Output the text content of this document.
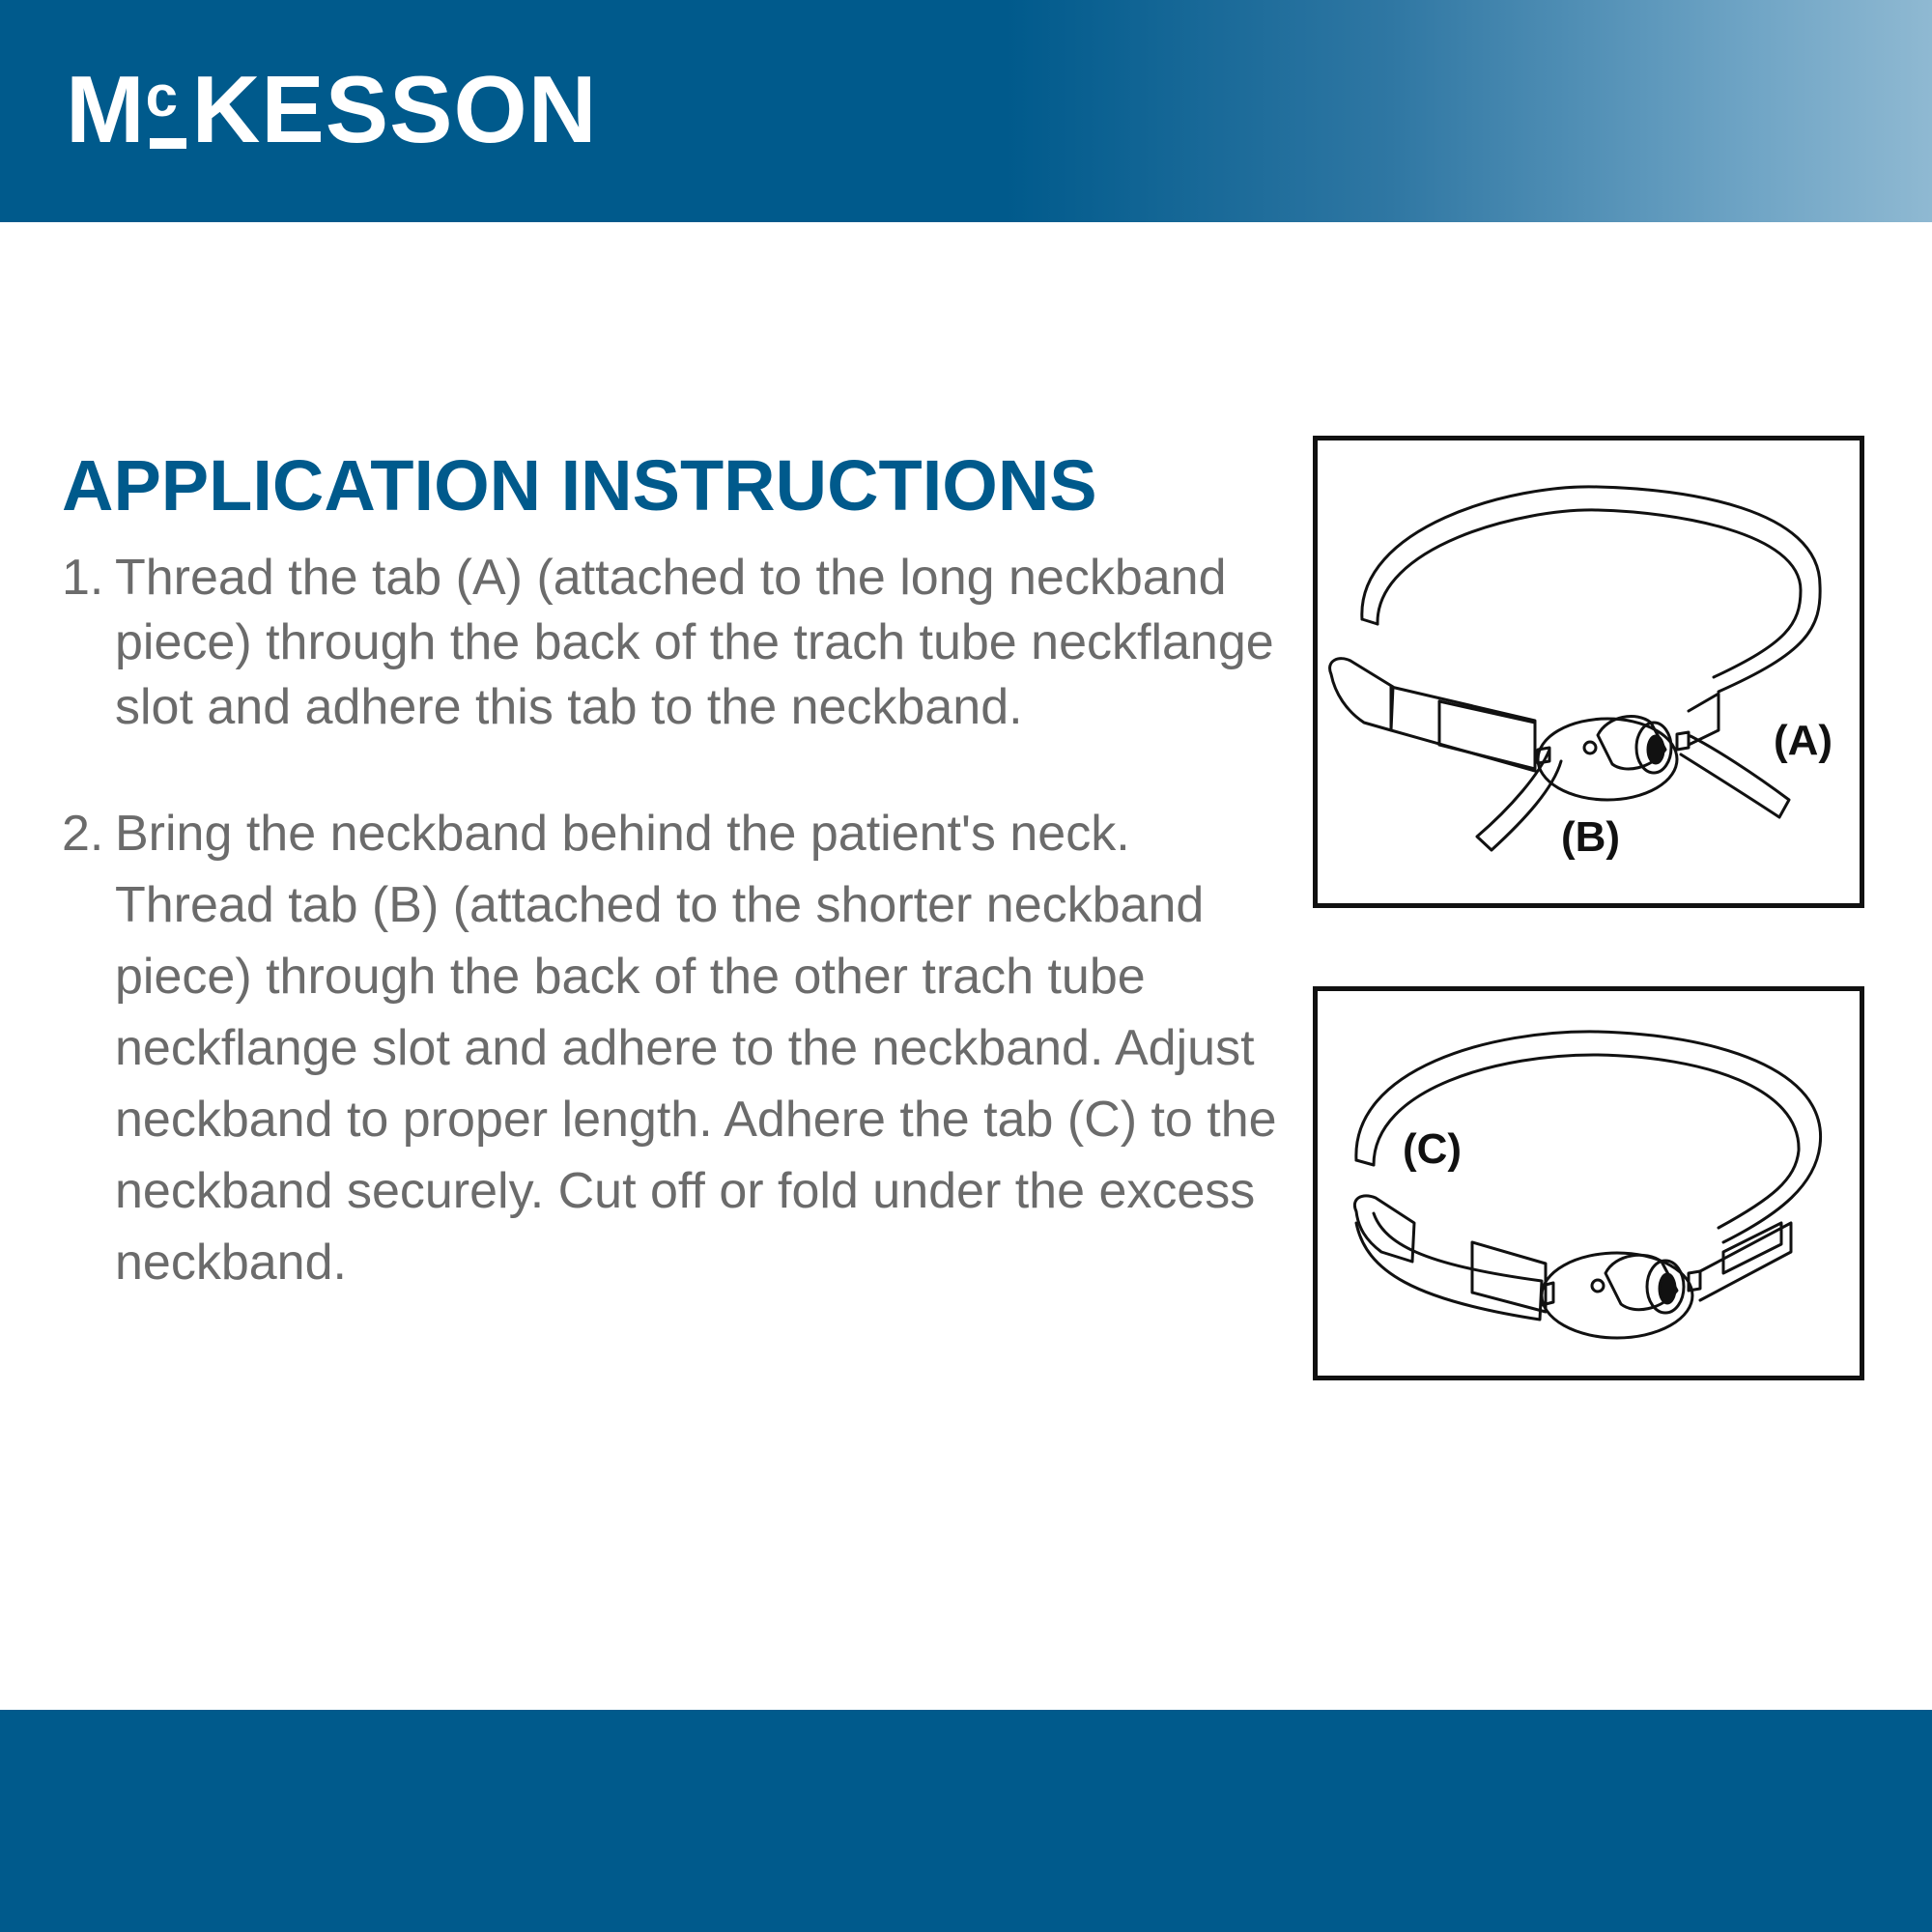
M c KESSON
APPLICATION INSTRUCTIONS
1. Thread the tab (A) (attached to the long neckband piece) through the back of the trach tube neckflange slot and adhere this tab to the neckband.
2. Bring the neckband behind the patient's neck. Thread tab (B) (attached to the shorter neckband piece) through the back of the other trach tube neckflange slot and adhere to the neckband. Adjust neckband to proper length. Adhere the tab (C) to the neckband securely. Cut off or fold under the excess neckband.
(A)
(B)
(C)
